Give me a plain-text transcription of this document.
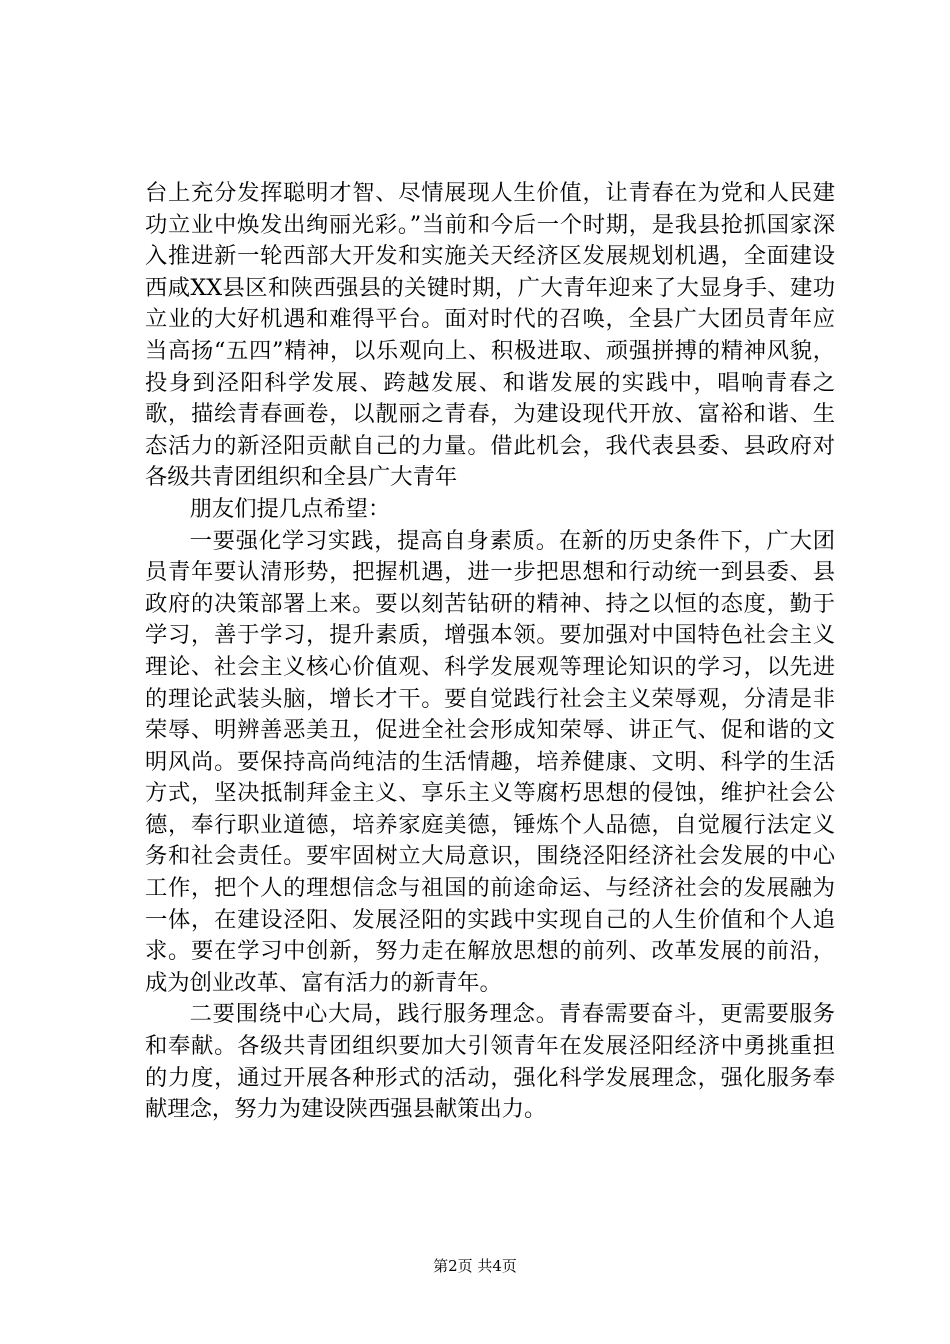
台上充分发挥聪明才智、尽情展现人生价值，让青春在为党和人民建功立业中焕发出绚丽光彩。”当前和今后一个时期，是我县抢抓国家深入推进新一轮西部大开发和实施关天经济区发展规划机遇，全面建设西咸XX县区和陕西强县的关键时期，广大青年迎来了大显身手、建功立业的大好机遇和难得平台。面对时代的召唤，全县广大团员青年应当高扬“五四”精神，以乐观向上、积极进取、顽强拼搏的精神风貌，投身到泾阳科学发展、跨越发展、和谐发展的实践中，唱响青春之歌，描绘青春画卷，以靓丽之青春，为建设现代开放、富裕和谐、生态活力的新泾阳贡献自己的力量。借此机会，我代表县委、县政府对各级共青团组织和全县广大青年

朋友们提几点希望：

一要强化学习实践，提高自身素质。在新的历史条件下，广大团员青年要认清形势，把握机遇，进一步把思想和行动统一到县委、县政府的决策部署上来。要以刻苦钻研的精神、持之以恒的态度，勤于学习，善于学习，提升素质，增强本领。要加强对中国特色社会主义理论、社会主义核心价值观、科学发展观等理论知识的学习，以先进的理论武装头脑，增长才干。要自觉践行社会主义荣辱观，分清是非荣辱、明辨善恶美丑，促进全社会形成知荣辱、讲正气、促和谐的文明风尚。要保持高尚纯洁的生活情趣，培养健康、文明、科学的生活方式，坚决抵制拜金主义、享乐主义等腐朽思想的侵蚀，维护社会公德，奉行职业道德，培养家庭美德，锤炼个人品德，自觉履行法定义务和社会责任。要牢固树立大局意识，围绕泾阳经济社会发展的中心工作，把个人的理想信念与祖国的前途命运、与经济社会的发展融为一体，在建设泾阳、发展泾阳的实践中实现自己的人生价值和个人追求。要在学习中创新，努力走在解放思想的前列、改革发展的前沿，成为创业改革、富有活力的新青年。

二要围绕中心大局，践行服务理念。青春需要奋斗，更需要服务和奉献。各级共青团组织要加大引领青年在发展泾阳经济中勇挑重担的力度，通过开展各种形式的活动，强化科学发展理念，强化服务奉献理念，努力为建设陕西强县献策出力。

第2页 共4页
